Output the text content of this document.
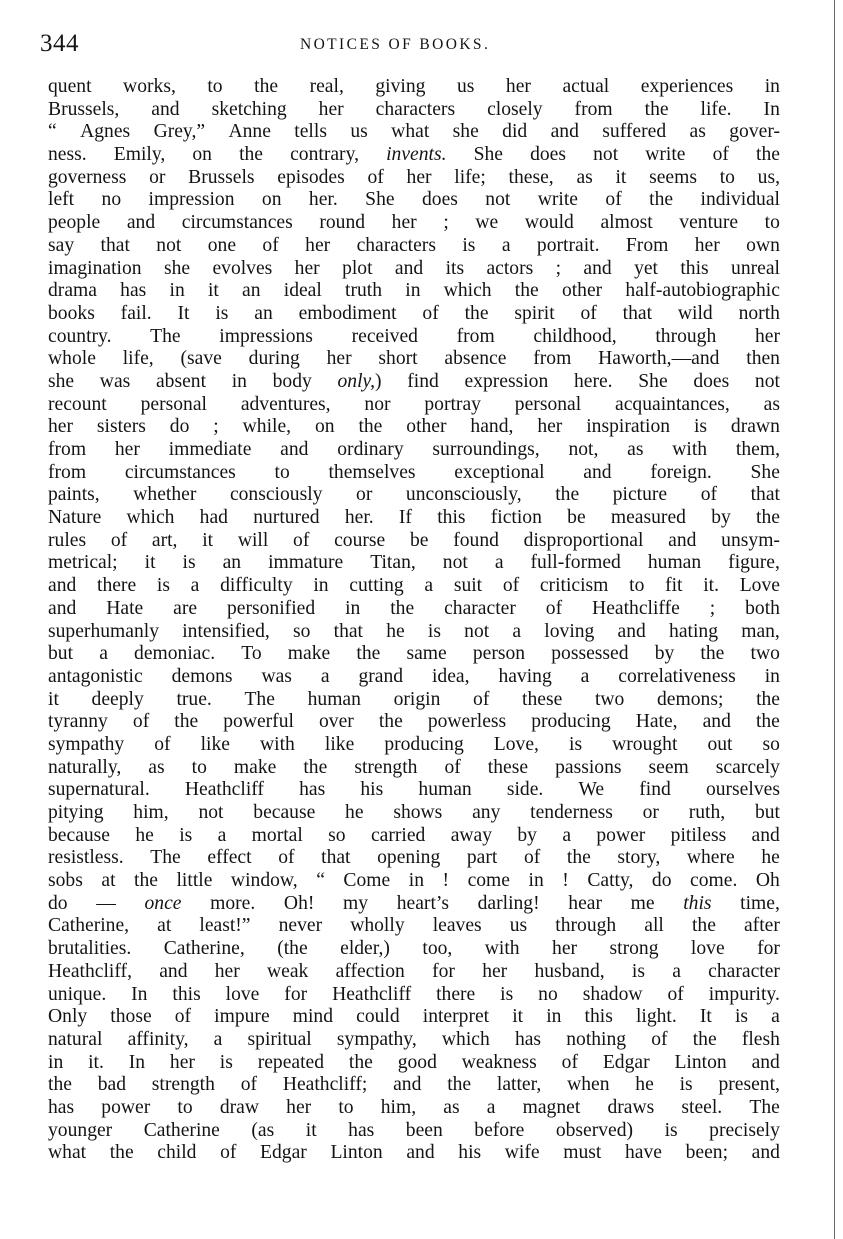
344	NOTICES OF BOOKS.
quent works, to the real, giving us her actual experiences in
Brussels, and sketching her characters closely from the life. In
“ Agnes Grey,” Anne tells us what she did and suffered as gover-
ness. Emily, on the contrary, invents. She does not write of the
governess or Brussels episodes of her life; these, as it seems to us,
left no impression on her. She does not write of the individual
people and circumstances round her ; we would almost venture to
say that not one of her characters is a portrait. From her own
imagination she evolves her plot and its actors ; and yet this unreal
drama has in it an ideal truth in which the other half-autobiographic
books fail. It is an embodiment of the spirit of that wild north
country. The impressions received from childhood, through her
whole life, (save during her short absence from Haworth,—and then
she was absent in body only,) find expression here. She does not
recount personal adventures, nor portray personal acquaintances, as
her sisters do ; while, on the other hand, her inspiration is drawn
from her immediate and ordinary surroundings, not, as with them,
from circumstances to themselves exceptional and foreign. She
paints, whether consciously or unconsciously, the picture of that
Nature which had nurtured her. If this fiction be measured by the
rules of art, it will of course be found disproportional and unsym-
metrical; it is an immature Titan, not a full-formed human figure,
and there is a difficulty in cutting a suit of criticism to fit it. Love
and Hate are personified in the character of Heathcliffe ; both
superhumanly intensified, so that he is not a loving and hating man,
but a demoniac. To make the same person possessed by the two
antagonistic demons was a grand idea, having a correlativeness in
it deeply true. The human origin of these two demons; the
tyranny of the powerful over the powerless producing Hate, and the
sympathy of like with like producing Love, is wrought out so
naturally, as to make the strength of these passions seem scarcely
supernatural. Heathcliff has his human side. We find ourselves
pitying him, not because he shows any tenderness or ruth, but
because he is a mortal so carried away by a power pitiless and
resistless. The effect of that opening part of the story, where he
sobs at the little window, “ Come in ! come in ! Catty, do come. Oh
do — once more. Oh! my heart’s darling! hear me this time,
Catherine, at least!” never wholly leaves us through all the after
brutalities. Catherine, (the elder,) too, with her strong love for
Heathcliff, and her weak affection for her husband, is a character
unique. In this love for Heathcliff there is no shadow of impurity.
Only those of impure mind could interpret it in this light. It is a
natural affinity, a spiritual sympathy, which has nothing of the flesh
in it. In her is repeated the good weakness of Edgar Linton and
the bad strength of Heathcliff; and the latter, when he is present,
has power to draw her to him, as a magnet draws steel. The
younger Catherine (as it has been before observed) is precisely
what the child of Edgar Linton and his wife must have been; and
